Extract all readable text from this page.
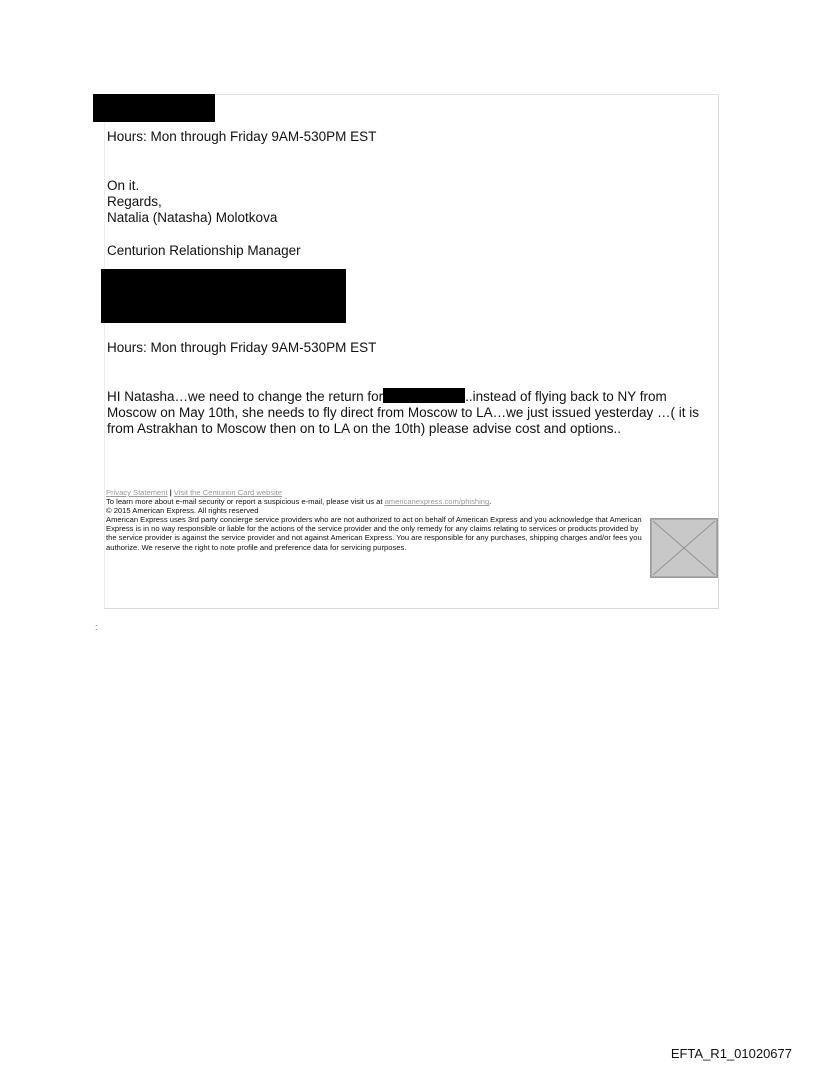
Hours: Mon through Friday 9AM-530PM EST
On it.
Regards,
Natalia (Natasha) Molotkova
Centurion Relationship Manager
Hours: Mon through Friday 9AM-530PM EST
HI Natasha…we need to change the return for	..instead of flying back to NY from Moscow on May 10th, she needs to fly direct from Moscow to LA…we just issued yesterday …( it is from Astrakhan to Moscow then on to LA on the 10th) please advise cost and options..
Privacy Statement | Visit the Centurion Card website
To learn more about e-mail security or report a suspicious e-mail, please visit us at americanexpress.com/phishing.
© 2015 American Express. All rights reserved
American Express uses 3rd party concierge service providers who are not authorized to act on behalf of American Express and you acknowledge that American Express is in no way responsible or liable for the actions of the service provider and the only remedy for any claims relating to services or products provided by the service provider is against the service provider and not against American Express. You are responsible for any purchases, shipping charges and/or fees you authorize. We reserve the right to note profile and preference data for servicing purposes.
:
EFTA_R1_01020677
